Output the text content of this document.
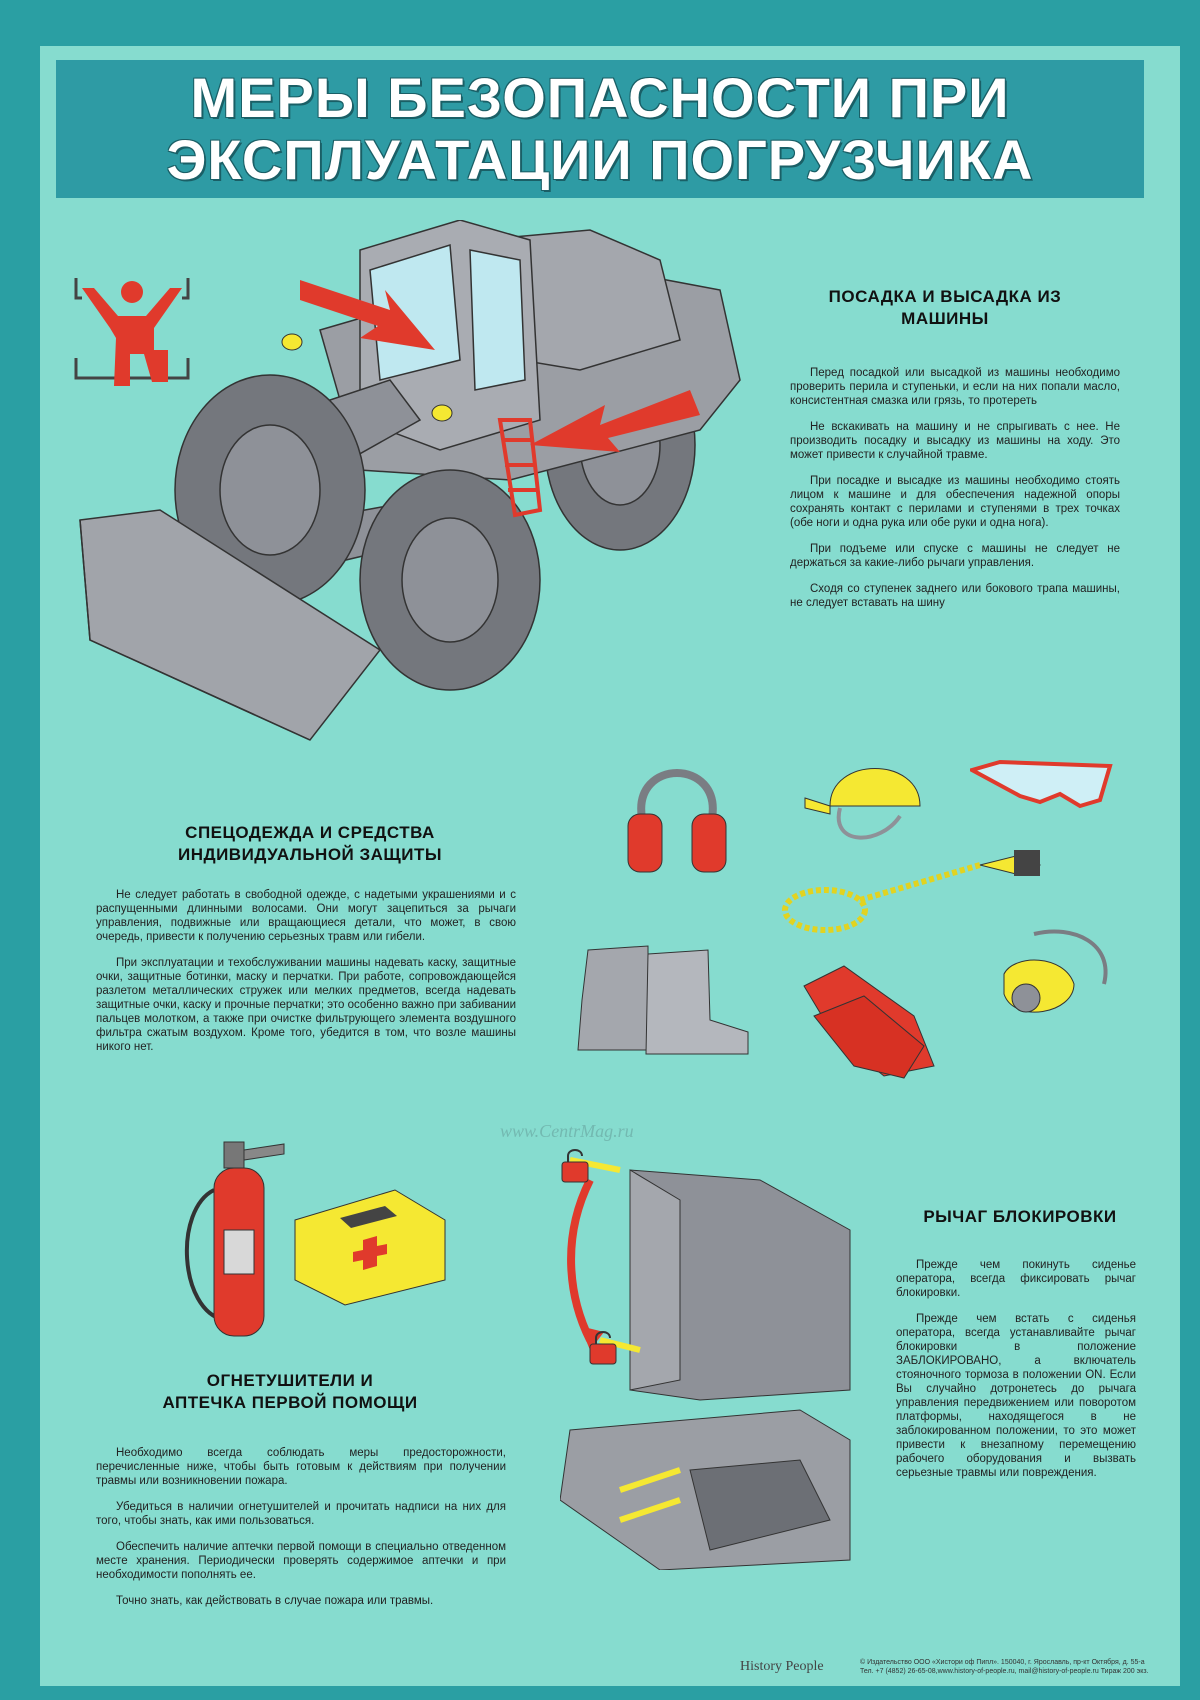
МЕРЫ БЕЗОПАСНОСТИ ПРИ
ЭКСПЛУАТАЦИИ ПОГРУЗЧИКА
ПОСАДКА И ВЫСАДКА ИЗ
МАШИНЫ

Перед посадкой или высадкой из машины необходимо проверить перила и ступеньки, и если на них попали масло, консистентная смазка или грязь, то протереть

Не вскакивать на машину и не спрыгивать с нее. Не производить посадку и высадку из машины на ходу. Это может привести к случайной травме.

При посадке и высадке из машины необходимо стоять лицом к машине и для обеспечения надежной опоры сохранять контакт с перилами и ступенями в трех точках (обе ноги и одна рука или обе руки и одна нога).

При подъеме или спуске с машины не следует не держаться за какие-либо рычаги управления.

Сходя со ступенек заднего или бокового трапа машины, не следует вставать на шину

СПЕЦОДЕЖДА И СРЕДСТВА
ИНДИВИДУАЛЬНОЙ ЗАЩИТЫ

Не следует работать в свободной одежде, с надетыми украшениями и с распущенными длинными волосами. Они могут зацепиться за рычаги управления, подвижные или вращающиеся детали, что может, в свою очередь, привести к получению серьезных травм или гибели.

При эксплуатации и техобслуживании машины надевать каску, защитные очки, защитные ботинки, маску и перчатки. При работе, сопровождающейся разлетом металлических стружек или мелких предметов, всегда надевать защитные очки, каску и прочные перчатки; это особенно важно при забивании пальцев молотком, а также при очистке фильтрующего элемента воздушного фильтра сжатым воздухом. Кроме того, убедится в том, что возле машины никого нет.

ОГНЕТУШИТЕЛИ И
АПТЕЧКА ПЕРВОЙ ПОМОЩИ

Необходимо всегда соблюдать меры предосторожности, перечисленные ниже, чтобы быть готовым к действиям при получении травмы или возникновении пожара.

Убедиться в наличии огнетушителей и прочитать надписи на них для того, чтобы знать, как ими пользоваться.

Обеспечить наличие аптечки первой помощи в специально отведенном месте хранения. Периодически проверять содержимое аптечки и при необходимости пополнять ее.

Точно знать, как действовать в случае пожара или травмы.

РЫЧАГ БЛОКИРОВКИ

Прежде чем покинуть сиденье оператора, всегда фиксировать рычаг блокировки.

Прежде чем встать с сиденья оператора, всегда устанавливайте рычаг блокировки в положение ЗАБЛОКИРОВАНО, а включатель стояночного тормоза в положении ON. Если Вы случайно дотронетесь до рычага управления передвижением или поворотом платформы, находящегося в не заблокированном положении, то это может привести к внезапному перемещению рабочего оборудования и вызвать серьезные травмы или повреждения.

www.CentrMag.ru
History People	© Издательство ООО «Хистори оф Пипл». 150040, г. Ярославль, пр-кт Октября, д. 55-а
Тел. +7 (4852) 26-65-08,www.history-of-people.ru, mail@history-of-people.ru Тираж 200 экз.
